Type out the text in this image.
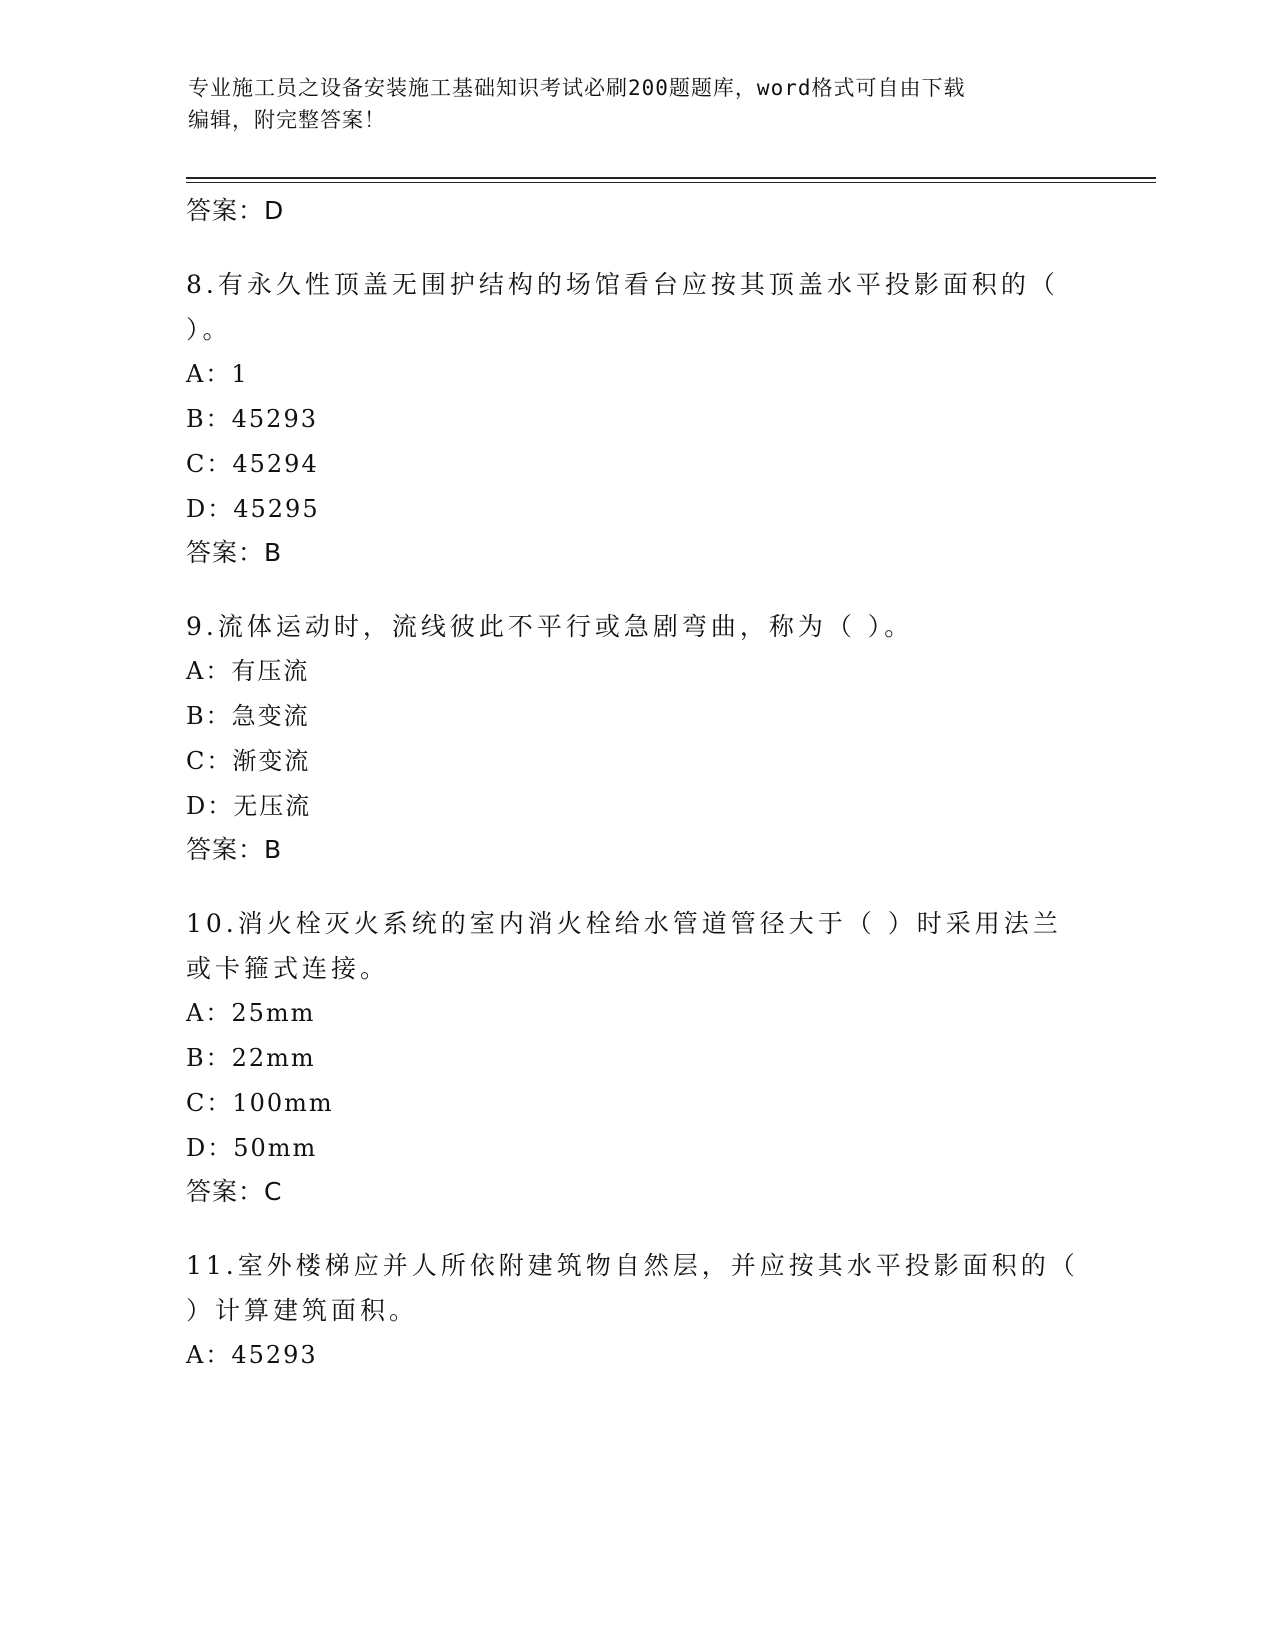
专业施工员之设备安装施工基础知识考试必刷200题题库，word格式可自由下载
编辑，附完整答案！
答案：D
8.有永久性顶盖无围护结构的场馆看台应按其顶盖水平投影面积的（
）。
A：1
B：45293
C：45294
D：45295
答案：B
9.流体运动时，流线彼此不平行或急剧弯曲，称为（ ）。
A：有压流
B：急变流
C：渐变流
D：无压流
答案：B
10.消火栓灭火系统的室内消火栓给水管道管径大于（ ）时采用法兰
或卡箍式连接。
A：25mm
B：22mm
C：100mm
D：50mm
答案：C
11.室外楼梯应并人所依附建筑物自然层，并应按其水平投影面积的（
）计算建筑面积。
A：45293
